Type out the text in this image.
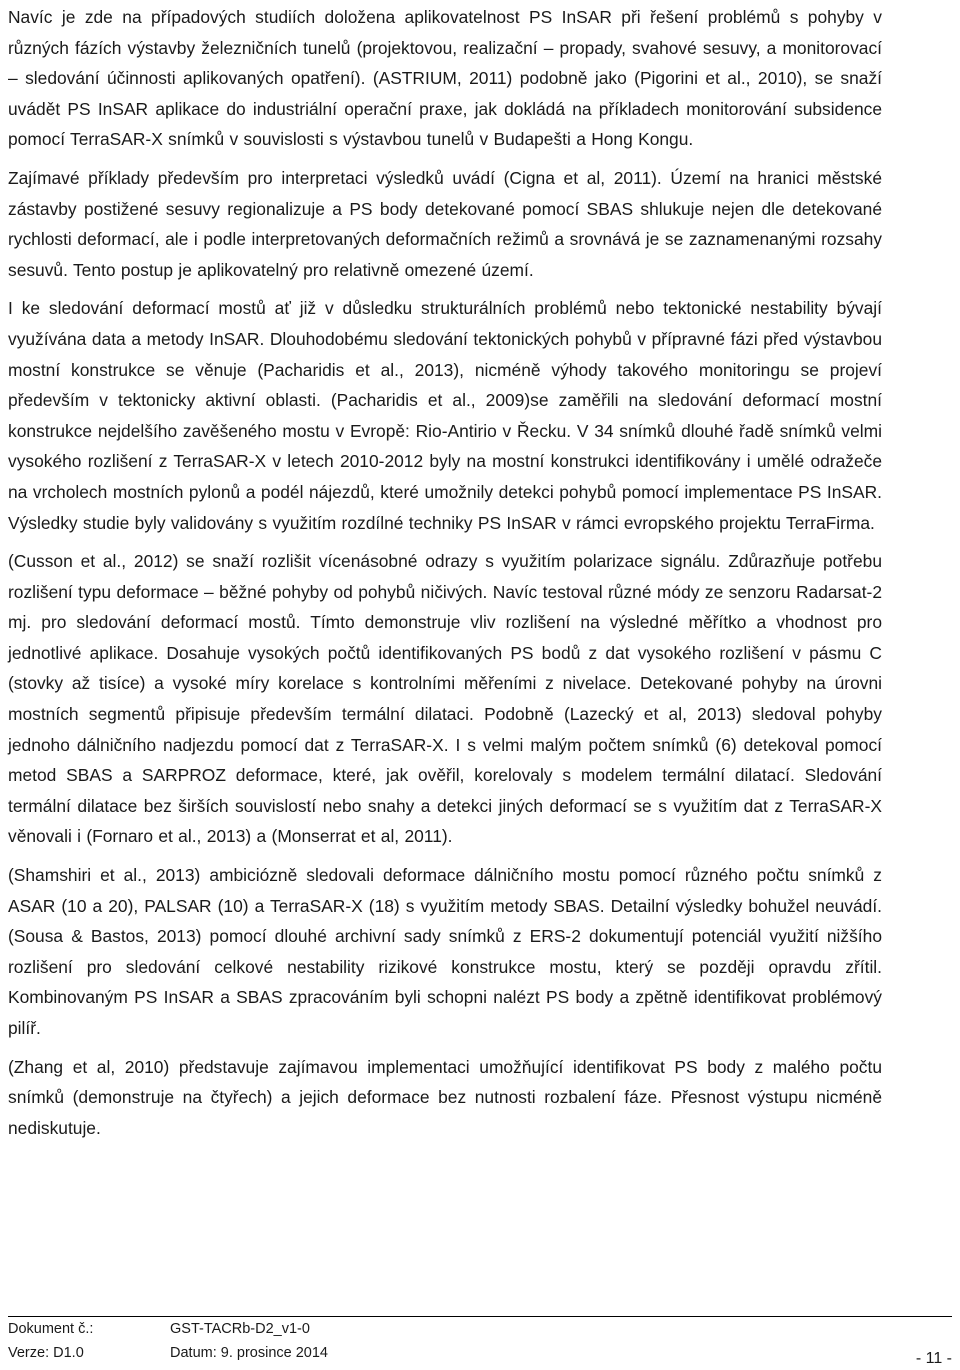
Navíc je zde na případových studiích doložena aplikovatelnost PS InSAR při řešení problémů s pohyby v různých fázích výstavby železničních tunelů (projektovou, realizační – propady, svahové sesuvy, a monitorovací – sledování účinnosti aplikovaných opatření). (ASTRIUM, 2011) podobně jako (Pigorini et al., 2010), se snaží uvádět PS InSAR aplikace do industriální operační praxe, jak dokládá na příkladech monitorování subsidence pomocí TerraSAR-X snímků v souvislosti s výstavbou tunelů v Budapešti a Hong Kongu.

Zajímavé příklady především pro interpretaci výsledků uvádí (Cigna et al, 2011). Území na hranici městské zástavby postižené sesuvy regionalizuje a PS body detekované pomocí SBAS shlukuje nejen dle detekované rychlosti deformací, ale i podle interpretovaných deformačních režimů a srovnává je se zaznamenanými rozsahy sesuvů. Tento postup je aplikovatelný pro relativně omezené území.

I ke sledování deformací mostů ať již v důsledku strukturálních problémů nebo tektonické nestability bývají využívána data a metody InSAR. Dlouhodobému sledování tektonických pohybů v přípravné fázi před výstavbou mostní konstrukce se věnuje (Pacharidis et al., 2013), nicméně výhody takového monitoringu se projeví především v tektonicky aktivní oblasti. (Pacharidis et al., 2009)se zaměřili na sledování deformací mostní konstrukce nejdelšího zavěšeného mostu v Evropě: Rio-Antirio v Řecku. V 34 snímků dlouhé řadě snímků velmi vysokého rozlišení z TerraSAR-X v letech 2010-2012 byly na mostní konstrukci identifikovány i umělé odražeče na vrcholech mostních pylonů a podél nájezdů, které umožnily detekci pohybů pomocí implementace PS InSAR. Výsledky studie byly validovány s využitím rozdílné techniky PS InSAR v rámci evropského projektu TerraFirma.

(Cusson et al., 2012) se snaží rozlišit vícenásobné odrazy s využitím polarizace signálu. Zdůrazňuje potřebu rozlišení typu deformace – běžné pohyby od pohybů ničivých. Navíc testoval různé módy ze senzoru Radarsat-2 mj. pro sledování deformací mostů. Tímto demonstruje vliv rozlišení na výsledné měřítko a vhodnost pro jednotlivé aplikace. Dosahuje vysokých počtů identifikovaných PS bodů z dat vysokého rozlišení v pásmu C (stovky až tisíce) a vysoké míry korelace s kontrolními měřeními z nivelace. Detekované pohyby na úrovni mostních segmentů připisuje především termální dilataci. Podobně (Lazecký et al, 2013) sledoval pohyby jednoho dálničního nadjezdu pomocí dat z TerraSAR-X. I s velmi malým počtem snímků (6) detekoval pomocí metod SBAS a SARPROZ deformace, které, jak ověřil, korelovaly s modelem termální dilatací. Sledování termální dilatace bez širších souvislostí nebo snahy a detekci jiných deformací se s využitím dat z TerraSAR-X věnovali i (Fornaro et al., 2013) a (Monserrat et al, 2011).

(Shamshiri et al., 2013) ambiciózně sledovali deformace dálničního mostu pomocí různého počtu snímků z ASAR (10 a 20), PALSAR (10) a TerraSAR-X (18) s využitím metody SBAS. Detailní výsledky bohužel neuvádí. (Sousa & Bastos, 2013) pomocí dlouhé archivní sady snímků z ERS-2 dokumentují potenciál využití nižšího rozlišení pro sledování celkové nestability rizikové konstrukce mostu, který se později opravdu zřítil. Kombinovaným PS InSAR a SBAS zpracováním byli schopni nalézt PS body a zpětně identifikovat problémový pilíř.

(Zhang et al, 2010) představuje zajímavou implementaci umožňující identifikovat PS body z malého počtu snímků (demonstruje na čtyřech) a jejich deformace bez nutnosti rozbalení fáze. Přesnost výstupu nicméně nediskutuje.

Dokument č.:	GST-TACRb-D2_v1-0
Verze: D1.0	Datum: 9. prosince 2014	- 11 -
